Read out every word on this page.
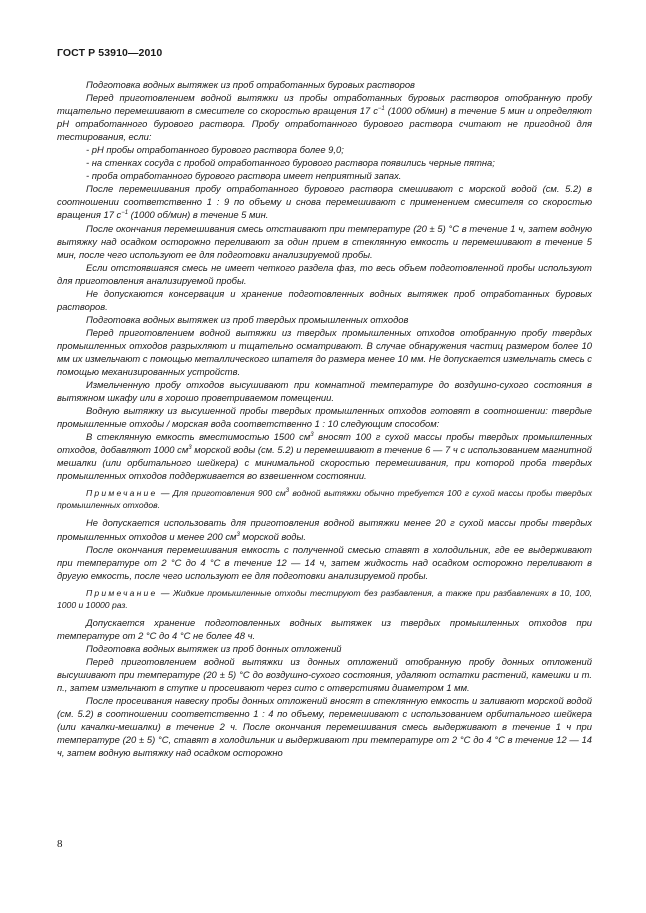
ГОСТ Р 53910—2010

Подготовка водных вытяжек из проб отработанных буровых растворов

Перед приготовлением водной вытяжки из пробы отработанных буровых растворов отобранную пробу тщательно перемешивают в смесителе со скоростью вращения 17 $с^{-1}$ (1000 об/мин) в течение 5 мин и определяют pH отработанного бурового раствора. Пробу отработанного бурового раствора считают не пригодной для тестирования, если:

- pH пробы отработанного бурового раствора более 9,0;

- на стенках сосуда с пробой отработанного бурового раствора появились черные пятна;

- проба отработанного бурового раствора имеет неприятный запах.

После перемешивания пробу отработанного бурового раствора смешивают с морской водой (см. 5.2) в соотношении соответственно 1 : 9 по объему и снова перемешивают с применением смесителя со скоростью вращения 17 $с^{-1}$ (1000 об/мин) в течение 5 мин.

После окончания перемешивания смесь отстаивают при температуре (20 ± 5) °С в течение 1 ч, затем водную вытяжку над осадком осторожно переливают за один прием в стеклянную емкость и перемешивают в течение 5 мин, после чего используют ее для подготовки анализируемой пробы.

Если отстоявшаяся смесь не имеет четкого раздела фаз, то весь объем подготовленной пробы используют для приготовления анализируемой пробы.

Не допускаются консервация и хранение подготовленных водных вытяжек проб отработанных буровых растворов.

Подготовка водных вытяжек из проб твердых промышленных отходов

Перед приготовлением водной вытяжки из твердых промышленных отходов отобранную пробу твердых промышленных отходов разрыхляют и тщательно осматривают. В случае обнаружения частиц размером более 10 мм их измельчают с помощью металлического шпателя до размера менее 10 мм. Не допускается измельчать смесь с помощью механизированных устройств.

Измельченную пробу отходов высушивают при комнатной температуре до воздушно-сухого состояния в вытяжном шкафу или в хорошо проветриваемом помещении.

Водную вытяжку из высушенной пробы твердых промышленных отходов готовят в соотношении: твердые промышленные отходы / морская вода соответственно 1 : 10 следующим способом:

В стеклянную емкость вместимостью 1500 $см^3$ вносят 100 г сухой массы пробы твердых промышленных отходов, добавляют 1000 $см^3$ морской воды (см. 5.2) и перемешивают в течение 6 — 7 ч с использованием магнитной мешалки (или орбитального шейкера) с минимальной скоростью перемешивания, при которой проба твердых промышленных отходов поддерживается во взвешенном состоянии.

Примечание — Для приготовления 900 $см^3$ водной вытяжки обычно требуется 100 г сухой массы пробы твердых промышленных отходов.

Не допускается использовать для приготовления водной вытяжки менее 20 г сухой массы пробы твердых промышленных отходов и менее 200 $см^3$ морской воды.

После окончания перемешивания емкость с полученной смесью ставят в холодильник, где ее выдерживают при температуре от 2 °С до 4 °С в течение 12 — 14 ч, затем жидкость над осадком осторожно переливают в другую емкость, после чего используют ее для подготовки анализируемой пробы.

Примечание — Жидкие промышленные отходы тестируют без разбавления, а также при разбавлениях в 10, 100, 1000 и 10000 раз.

Допускается хранение подготовленных водных вытяжек из твердых промышленных отходов при температуре от 2 °С до 4 °С не более 48 ч.

Подготовка водных вытяжек из проб донных отложений

Перед приготовлением водной вытяжки из донных отложений отобранную пробу донных отложений высушивают при температуре (20 ± 5) °С до воздушно-сухого состояния, удаляют остатки растений, камешки и т. п., затем измельчают в ступке и просеивают через сито с отверстиями диаметром 1 мм.

После просеивания навеску пробы донных отложений вносят в стеклянную емкость и заливают морской водой (см. 5.2) в соотношении соответственно 1 : 4 по объему, перемешивают с использованием орбитального шейкера (или качалки-мешалки) в течение 2 ч. После окончания перемешивания смесь выдерживают в течение 1 ч при температуре (20 ± 5) °С, ставят в холодильник и выдерживают при температуре от 2 °С до 4 °С в течение 12 — 14 ч, затем водную вытяжку над осадком осторожно

8
